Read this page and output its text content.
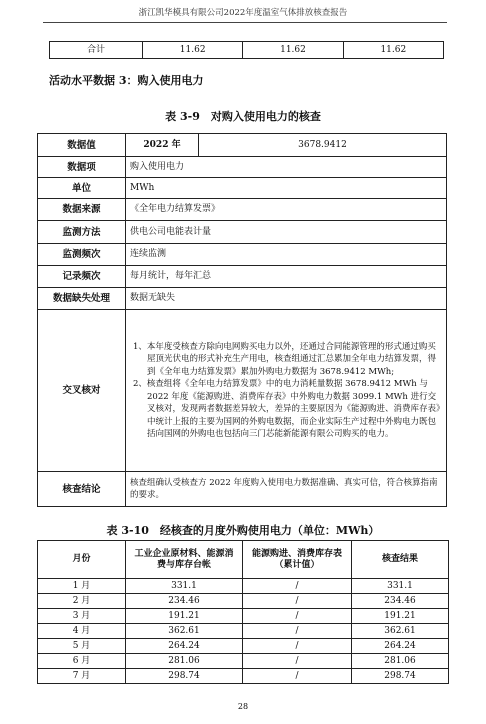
浙江凯华模具有限公司2022年度温室气体排放核查报告
合计	11.62	11.62	11.62
活动水平数据 3：购入使用电力
表 3-9　对购入使用电力的核查
数据值	2022 年	3678.9412
数据项	购入使用电力	
单位	MWh	
数据来源	《全年电力结算发票》	
监测方法	供电公司电能表计量	
监测频次	连续监测	
记录频次	每月统计，每年汇总	
数据缺失处理	数据无缺失	
交叉核对	1、本年度受核查方除向电网购买电力以外，还通过合同能源管理的形式通过购买屋顶光伏电的形式补充生产用电，核查组通过汇总累加全年电力结算发票，得到《全年电力结算发票》累加外购电力数据为 3678.9412 MWh;

2、核查组将《全年电力结算发票》中的电力消耗量数据 3678.9412 MWh 与 2022 年度《能源购进、消费库存表》中外购电力数据 3099.1 MWh 进行交叉核对，发现两者数据差异较大，差异的主要原因为《能源购进、消费库存表》中统计上报的主要为国网的外购电数据，而企业实际生产过程中外购电力既包括向国网的外购电也包括向三门芯能新能源有限公司购买的电力。	

核查结论	核查组确认受核查方 2022 年度购入使用电力数据准确、真实可信，符合核算指南的要求。	
表 3-10　经核查的月度外购使用电力（单位：MWh）
月份	工业企业原材料、能源消费与库存台帐	能源购进、消费库存表（累计值）	核查结果
1 月	331.1	/	331.1
2 月	234.46	/	234.46
3 月	191.21	/	191.21
4 月	362.61	/	362.61
5 月	264.24	/	264.24
6 月	281.06	/	281.06
7 月	298.74	/	298.74
28
